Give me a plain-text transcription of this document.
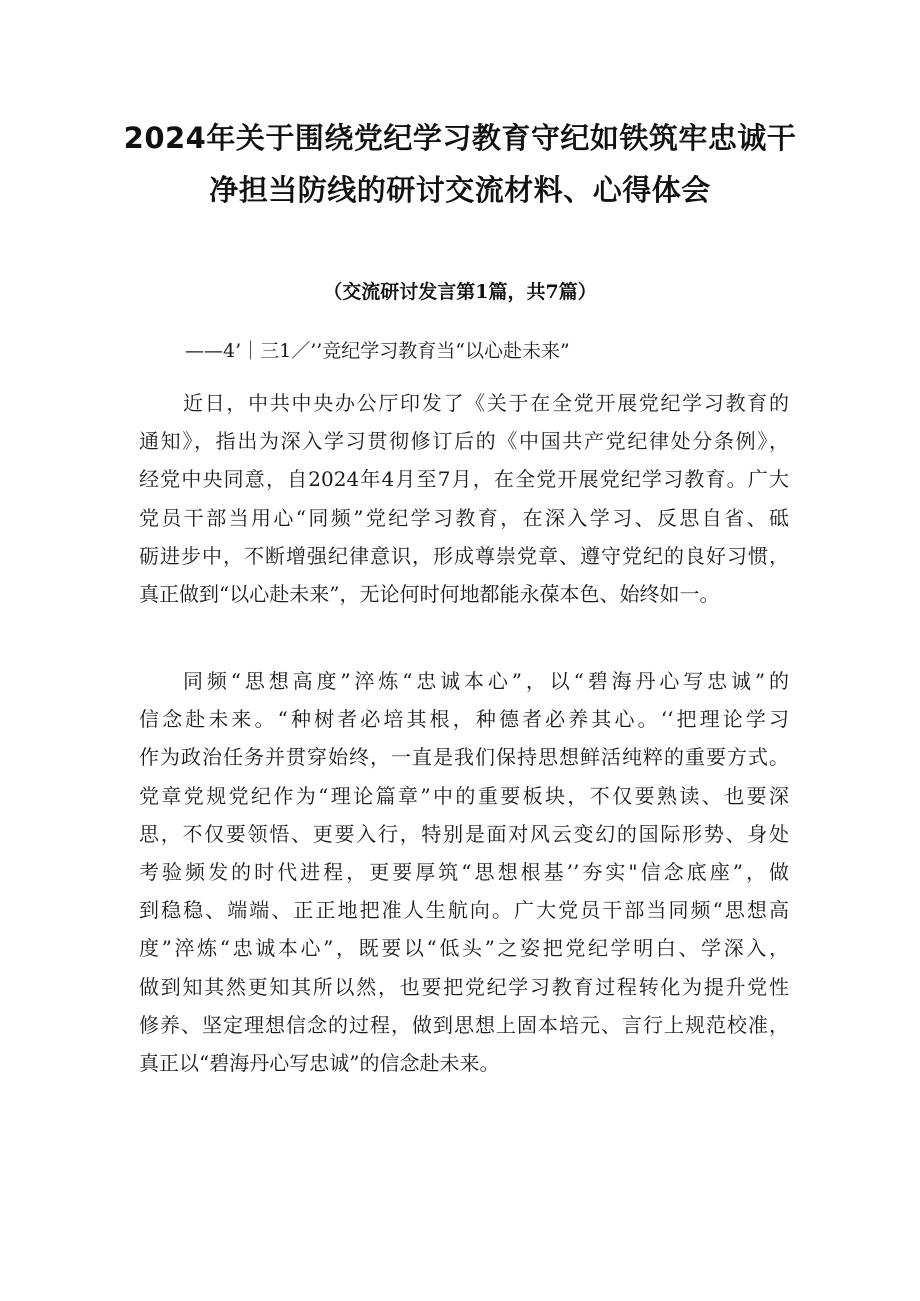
2024年关于围绕党纪学习教育守纪如铁筑牢忠诚干
净担当防线的研讨交流材料、心得体会
（交流研讨发言第1篇，共7篇）
——4’｜三1／’’竞纪学习教育当“以心赴未来”
近日，中共中央办公厅印发了《关于在全党开展党纪学习教育的
通知》，指出为深入学习贯彻修订后的《中国共产党纪律处分条例》，
经党中央同意，自2024年4月至7月，在全党开展党纪学习教育。广大
党员干部当用心“同频”党纪学习教育，在深入学习、反思自省、砥
砺进步中，不断增强纪律意识，形成尊崇党章、遵守党纪的良好习惯，
真正做到“以心赴未来”，无论何时何地都能永葆本色、始终如一。
同频“思想高度”淬炼“忠诚本心”，以“碧海丹心写忠诚”的
信念赴未来。“种树者必培其根，种德者必养其心。‘‘把理论学习
作为政治任务并贯穿始终，一直是我们保持思想鲜活纯粹的重要方式。
党章党规党纪作为“理论篇章”中的重要板块，不仅要熟读、也要深
思，不仅要领悟、更要入行，特别是面对风云变幻的国际形势、身处
考验频发的时代进程，更要厚筑“思想根基’’夯实"信念底座”，做
到稳稳、端端、正正地把准人生航向。广大党员干部当同频“思想高
度”淬炼“忠诚本心”，既要以“低头”之姿把党纪学明白、学深入，
做到知其然更知其所以然，也要把党纪学习教育过程转化为提升党性
修养、坚定理想信念的过程，做到思想上固本培元、言行上规范校准，
真正以“碧海丹心写忠诚”的信念赴未来。
